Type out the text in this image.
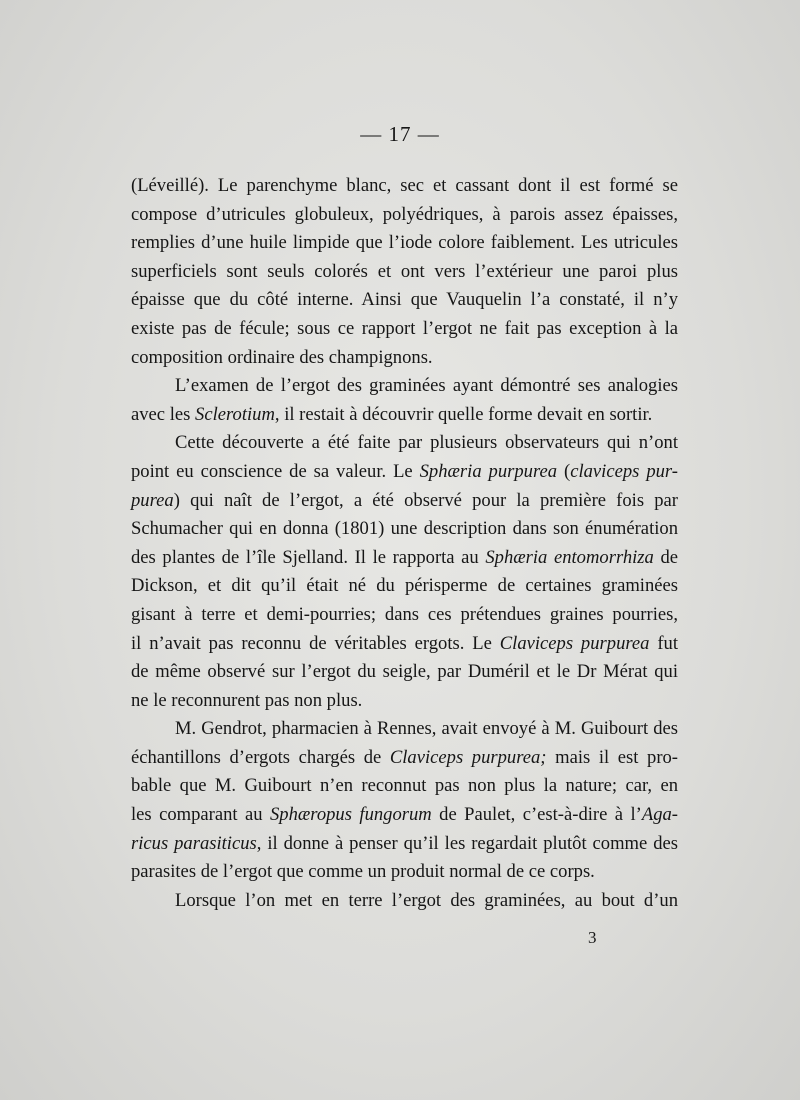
— 17 —
(Léveillé). Le parenchyme blanc, sec et cassant dont il est formé se
compose d’utricules globuleux, polyédriques, à parois assez épaisses,
remplies d’une huile limpide que l’iode colore faiblement. Les utricules
superficiels sont seuls colorés et ont vers l’extérieur une paroi plus
épaisse que du côté interne. Ainsi que Vauquelin l’a constaté, il n’y
existe pas de fécule; sous ce rapport l’ergot ne fait pas exception à la
composition ordinaire des champignons.
L’examen de l’ergot des graminées ayant démontré ses analogies
avec les Sclerotium, il restait à découvrir quelle forme devait en sortir.
Cette découverte a été faite par plusieurs observateurs qui n’ont
point eu conscience de sa valeur. Le Sphæria purpurea (claviceps pur-
purea) qui naît de l’ergot, a été observé pour la première fois par
Schumacher qui en donna (1801) une description dans son énumération
des plantes de l’île Sjelland. Il le rapporta au Sphæria entomorrhiza de
Dickson, et dit qu’il était né du périsperme de certaines graminées
gisant à terre et demi-pourries; dans ces prétendues graines pourries,
il n’avait pas reconnu de véritables ergots. Le Claviceps purpurea fut
de même observé sur l’ergot du seigle, par Duméril et le Dr Mérat qui
ne le reconnurent pas non plus.
M. Gendrot, pharmacien à Rennes, avait envoyé à M. Guibourt des
échantillons d’ergots chargés de Claviceps purpurea; mais il est pro-
bable que M. Guibourt n’en reconnut pas non plus la nature; car, en
les comparant au Sphæropus fungorum de Paulet, c’est-à-dire à l’Aga-
ricus parasiticus, il donne à penser qu’il les regardait plutôt comme des
parasites de l’ergot que comme un produit normal de ce corps.
Lorsque l’on met en terre l’ergot des graminées, au bout d’un
3
